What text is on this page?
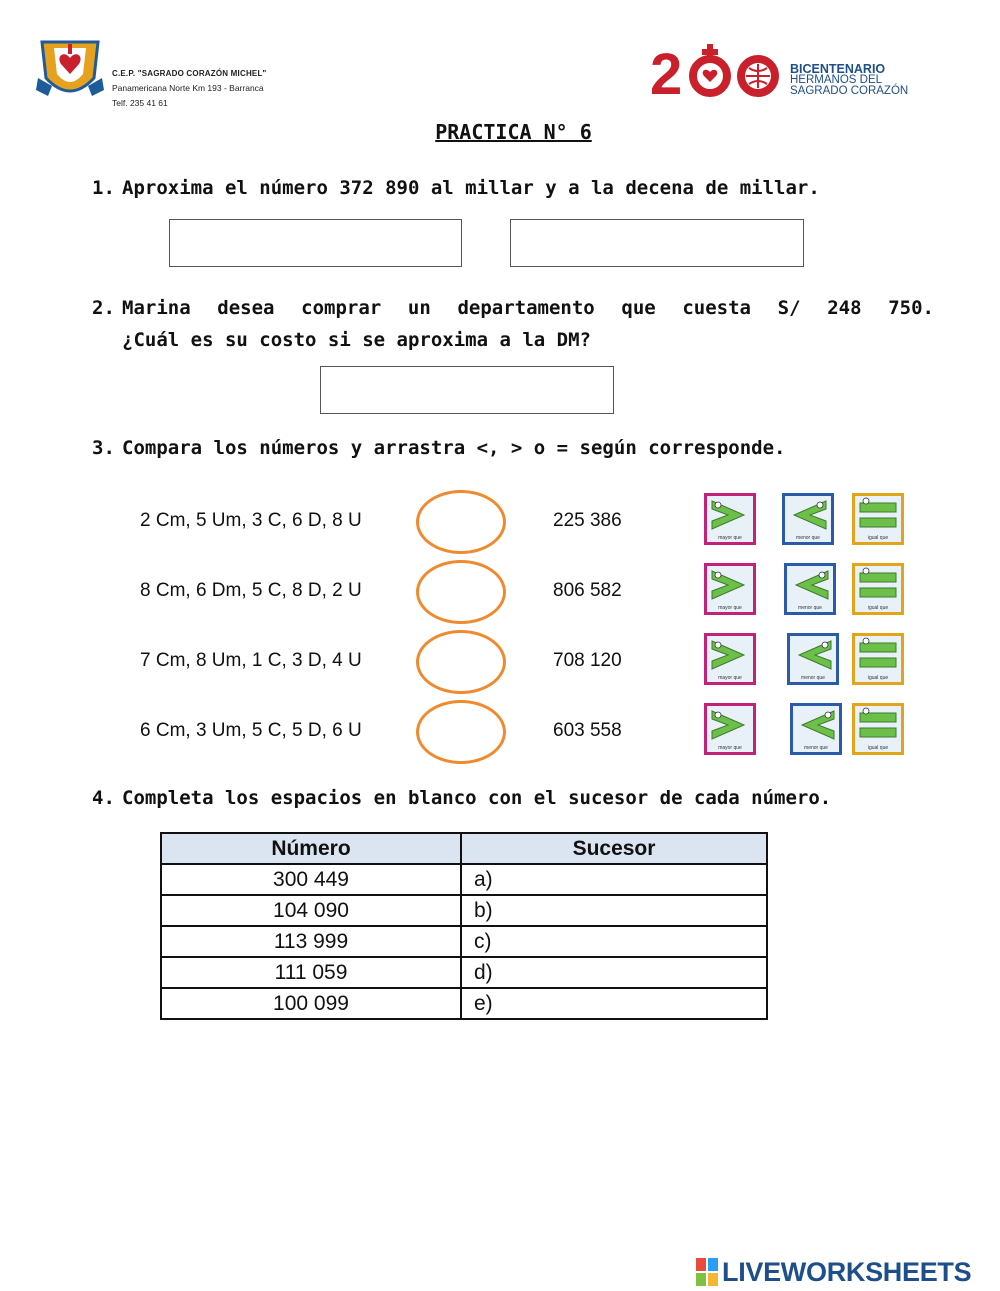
C.E.P. "SAGRADO CORAZÓN MICHEL"
Panamericana Norte Km 193 - Barranca
Telf. 235 41 61	2	BICENTENARIO
HERMANOS DEL
SAGRADO CORAZÓN
PRACTICA N° 6
1. Aproxima el número 372 890 al millar y a la decena de millar.
2. Marina desea comprar un departamento que cuesta S/ 248 750.
¿Cuál es su costo si se aproxima a la DM?
3. Compara los números y arrastra <, > o = según corresponde.
2 Cm, 5 Um, 3 C, 6 D, 8 U	225 386
mayor que	menor que	igual que
8 Cm, 6 Dm, 5 C, 8 D, 2 U	806 582
mayor que	menor que	igual que
7 Cm, 8 Um, 1 C, 3 D, 4 U	708 120
mayor que	menor que	igual que
6 Cm, 3 Um, 5 C, 5 D, 6 U	603 558
mayor que	menor que	igual que
4. Completa los espacios en blanco con el sucesor de cada número.
Número	Sucesor
300 449	a)
104 090	b)
113 999	c)
111 059	d)
100 099	e)
LIVEWORKSHEETS
